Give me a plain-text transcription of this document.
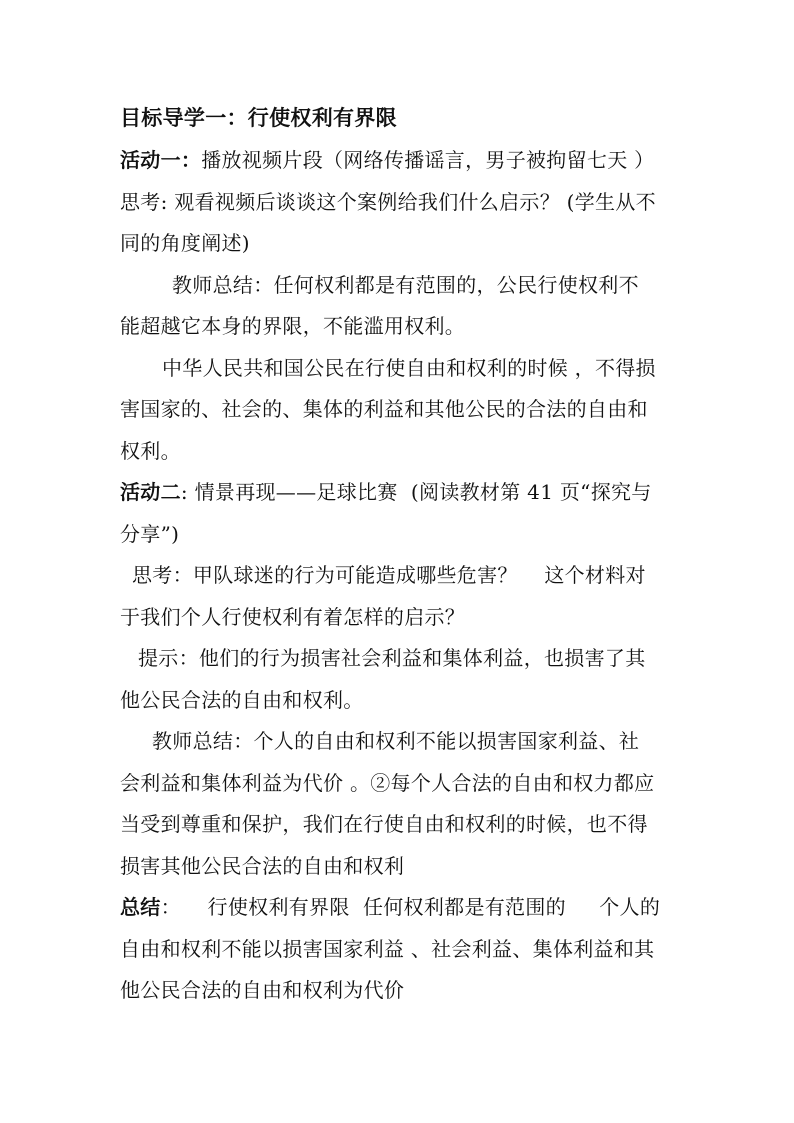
目标导学一：行使权利有界限
活动一：播放视频片段（网络传播谣言，男子被拘留七天 ）
思考: 观看视频后谈谈这个案例给我们什么启示？ (学生从不
同的角度阐述)
教师总结：任何权利都是有范围的，公民行使权利不
能超越它本身的界限，不能滥用权利。
中华人民共和国公民在行使自由和权利的时候 ，不得损
害国家的、社会的、集体的利益和其他公民的合法的自由和
权利。
活动二: 情景再现——足球比赛  (阅读教材第 41 页“探究与
分享”)
思考：甲队球迷的行为可能造成哪些危害？    这个材料对
于我们个人行使权利有着怎样的启示？
提示：他们的行为损害社会利益和集体利益，也损害了其
他公民合法的自由和权利。
教师总结：个人的自由和权利不能以损害国家利益、社
会利益和集体利益为代价 。②每个人合法的自由和权力都应
当受到尊重和保护，我们在行使自由和权利的时候，也不得
损害其他公民合法的自由和权利
总结：    行使权利有界限  任何权利都是有范围的     个人的
自由和权利不能以损害国家利益 、社会利益、集体利益和其
他公民合法的自由和权利为代价
